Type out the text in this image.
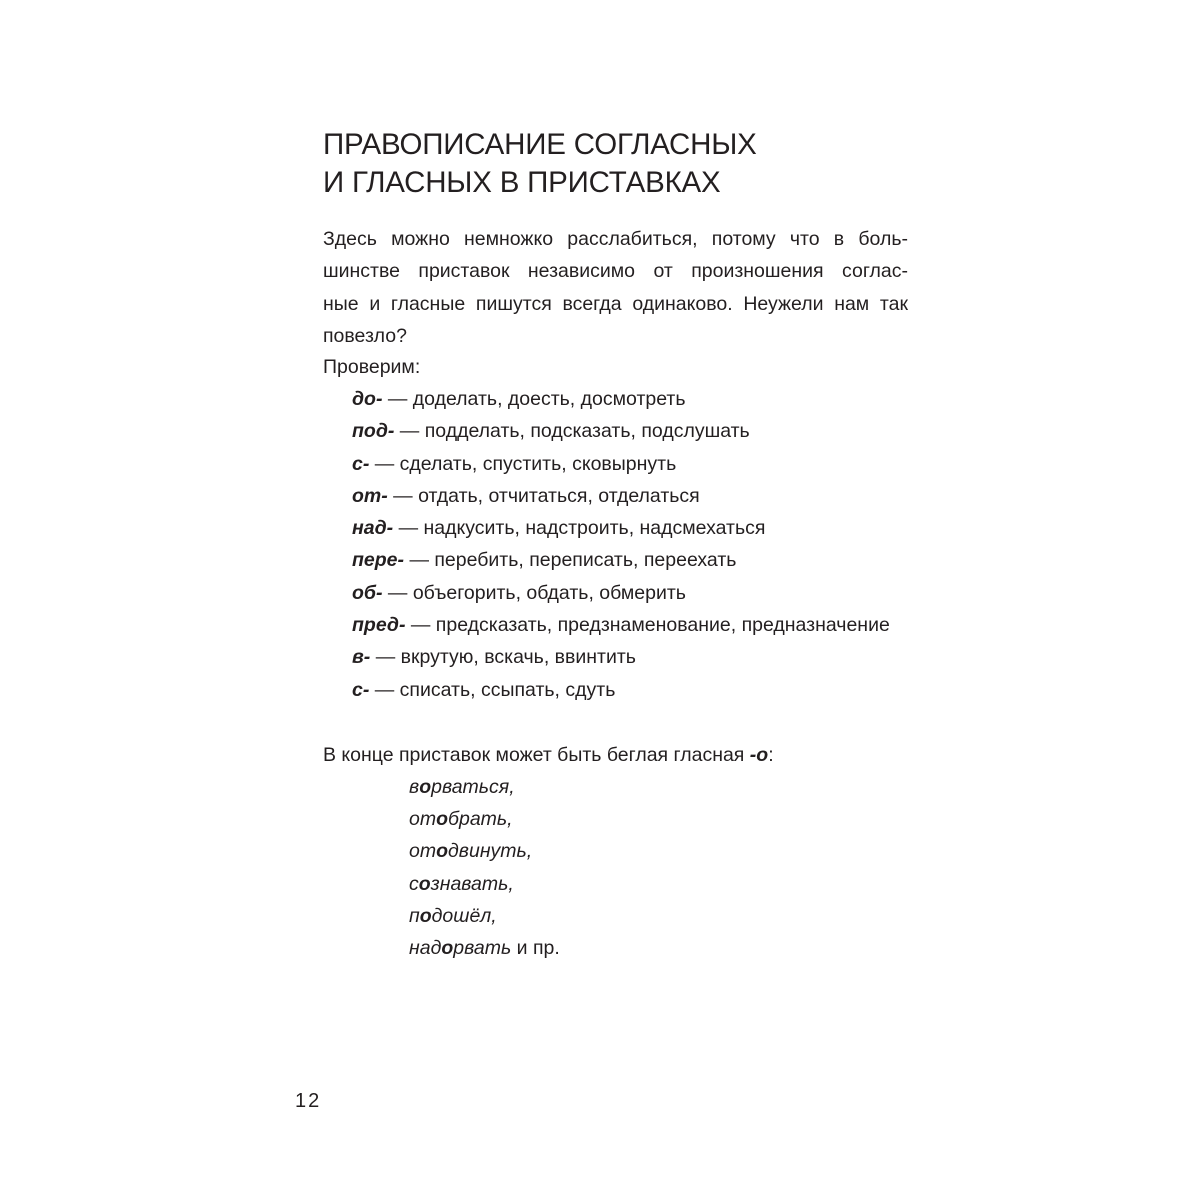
ПРАВОПИСАНИЕ СОГЛАСНЫХ
И ГЛАСНЫХ В ПРИСТАВКАХ

Здесь можно немножко расслабиться, потому что в боль-
шинстве приставок независимо от произношения соглас-
ные и гласные пишутся всегда одинаково. Неужели нам так
повезло?

Проверим:

до- — доделать, доесть, досмотреть
под- — подделать, подсказать, подслушать
с- — сделать, спустить, сковырнуть
от- — отдать, отчитаться, отделаться
над- — надкусить, надстроить, надсмехаться
пере- — перебить, переписать, переехать
об- — объегорить, обдать, обмерить
пред- — предсказать, предзнаменование, предназначение
в- — вкрутую, вскачь, ввинтить
с- — списать, ссыпать, сдуть

В конце приставок может быть беглая гласная -о:

ворваться,
отобрать,
отодвинуть,
сознавать,
подошёл,
надорвать и пр.
12
